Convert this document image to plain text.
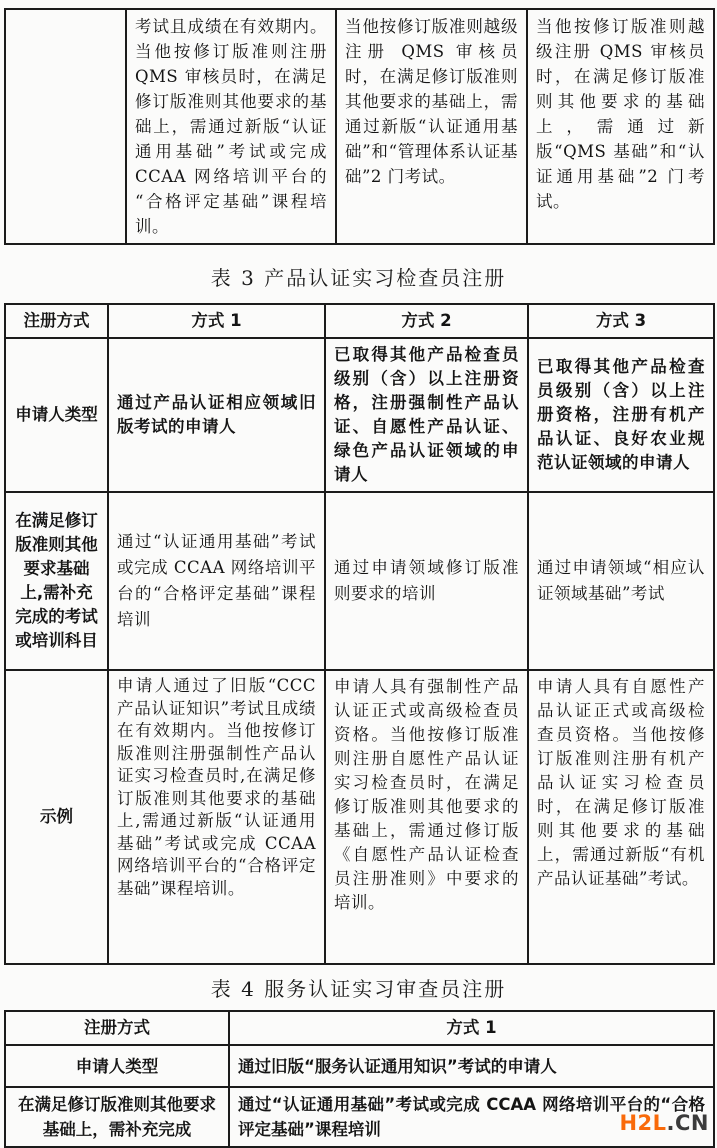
	考试且成绩在有效期内。当他按修订版准则注册 QMS 审核员时，在满足修订版准则其他要求的基础上，需通过新版“认证通用基础”考试或完成 CCAA 网络培训平台的 “合格评定基础”课程培训。	当他按修订版准则越级注册 QMS 审核员时，在满足修订版准则其他要求的基础上，需通过新版“认证通用基础”和“管理体系认证基础”2 门考试。	当他按修订版准则越级注册 QMS 审核员时，在满足修订版准则其他要求的基础上，需通过新版“QMS 基础”和“认证通用基础”2 门考试。
表 3 产品认证实习检查员注册
注册方式	方式 1	方式 2	方式 3
申请人类型	通过产品认证相应领域旧版考试的申请人	已取得其他产品检查员级别（含）以上注册资格，注册强制性产品认证、自愿性产品认证、绿色产品认证领域的申请人	已取得其他产品检查员级别（含）以上注册资格，注册有机产品认证、良好农业规范认证领域的申请人
在满足修订版准则其他要求基础上,需补充完成的考试或培训科目	通过“认证通用基础”考试或完成 CCAA 网络培训平台的“合格评定基础”课程培训	通过申请领域修订版准则要求的培训	通过申请领域“相应认证领域基础”考试
示例	申请人通过了旧版“CCC产品认证知识”考试且成绩在有效期内。当他按修订版准则注册强制性产品认证实习检查员时,在满足修订版准则其他要求的基础上,需通过新版“认证通用基础”考试或完成 CCAA 网络培训平台的“合格评定基础”课程培训。	申请人具有强制性产品认证正式或高级检查员资格。当他按修订版准则注册自愿性产品认证实习检查员时，在满足修订版准则其他要求的基础上，需通过修订版《自愿性产品认证检查员注册准则》中要求的培训。	申请人具有自愿性产品认证正式或高级检查员资格。当他按修订版准则注册有机产品认证实习检查员时，在满足修订版准则其他要求的基础上，需通过新版“有机产品认证基础”考试。
表 4 服务认证实习审查员注册
注册方式	方式 1
申请人类型	通过旧版“服务认证通用知识”考试的申请人
在满足修订版准则其他要求基础上，需补充完成	通过“认证通用基础”考试或完成 CCAA 网络培训平台的“合格评定基础”课程培训	H2L.CN
